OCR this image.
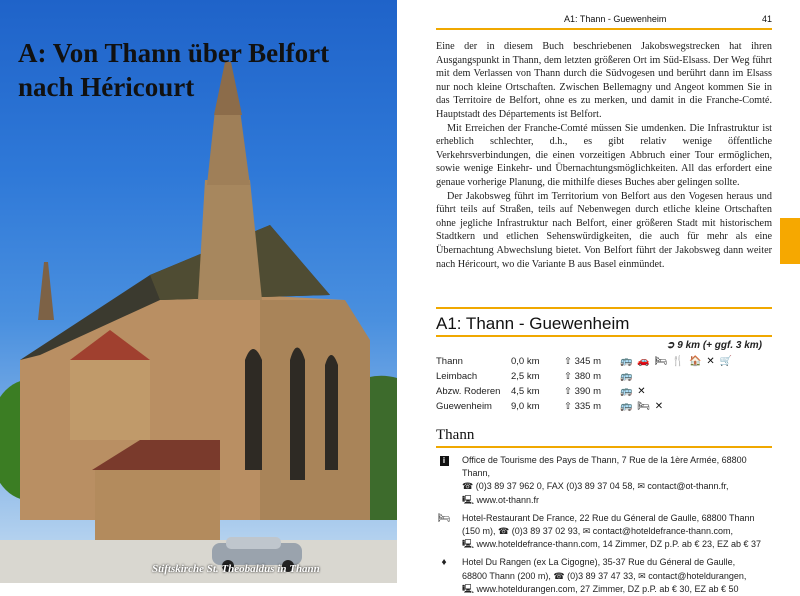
A: Von Thann über Belfort nach Héricourt
Stiftskirche St. Theobaldus in Thann
A1: Thann - Guewenheim	41

Eine der in diesem Buch beschriebenen Jakobswegstrecken hat ihren Ausgangspunkt in Thann, dem letzten größeren Ort im Süd-Elsass. Der Weg führt mit dem Verlassen von Thann durch die Südvogesen und berührt dann im Elsass nur noch kleine Ortschaften. Zwischen Bellemagny und Angeot kommen Sie in das Territoire de Belfort, ohne es zu merken, und damit in die Franche-Comté. Hauptstadt des Départements ist Belfort.

Mit Erreichen der Franche-Comté müssen Sie umdenken. Die Infrastruktur ist erheblich schlechter, d.h., es gibt relativ wenige öffentliche Verkehrsverbindungen, die einen vorzeitigen Abbruch einer Tour ermöglichen, sowie wenige Einkehr- und Übernachtungsmöglichkeiten. All das erfordert eine genaue vorherige Planung, die mithilfe dieses Buches aber gelingen sollte.

Der Jakobsweg führt im Territorium von Belfort aus den Vogesen heraus und führt teils auf Straßen, teils auf Nebenwegen durch etliche kleine Ortschaften ohne jegliche Infrastruktur nach Belfort, einer größeren Stadt mit historischem Stadtkern und etlichen Sehenswürdigkeiten, die auch für mehr als eine Übernachtung Abwechslung bietet. Von Belfort führt der Jakobsweg dann weiter nach Héricourt, wo die Variante B aus Basel einmündet.

A1: Thann - Guewenheim
➲ 9 km (+ ggf. 3 km)
Thann	0,0 km	⇧ 345 m 🚌 🚗 🛏 🍴 🏠 ✕ 🛒
Leimbach	2,5 km	⇧ 380 m 🚌
Abzw. Roderen 4,5 km	⇧ 390 m 🚌 ✕
Guewenheim 9,0 km	⇧ 335 m 🚌 🛏 ✕
Thann
i	Office de Tourisme des Pays de Thann, 7 Rue de la 1ère Armée, 68800 Thann,
☎ (0)3 89 37 962 0, FAX (0)3 89 37 04 58, ✉ contact@ot-thann.fr,
🖳 www.ot-thann.fr
🛏 Hotel-Restaurant De France, 22 Rue du Géneral de Gaulle, 68800 Thann
(150 m), ☎ (0)3 89 37 02 93, ✉ contact@hoteldefrance-thann.com,
🖳 www.hoteldefrance-thann.com, 14 Zimmer, DZ p.P. ab € 23, EZ ab € 37
♦	Hotel Du Rangen (ex La Cigogne), 35-37 Rue du Géneral de Gaulle,
68800 Thann (200 m), ☎ (0)3 89 37 47 33, ✉ contact@hoteldurangen,
🖳 www.hoteldurangen.com, 27 Zimmer, DZ p.P. ab € 30, EZ ab € 50
